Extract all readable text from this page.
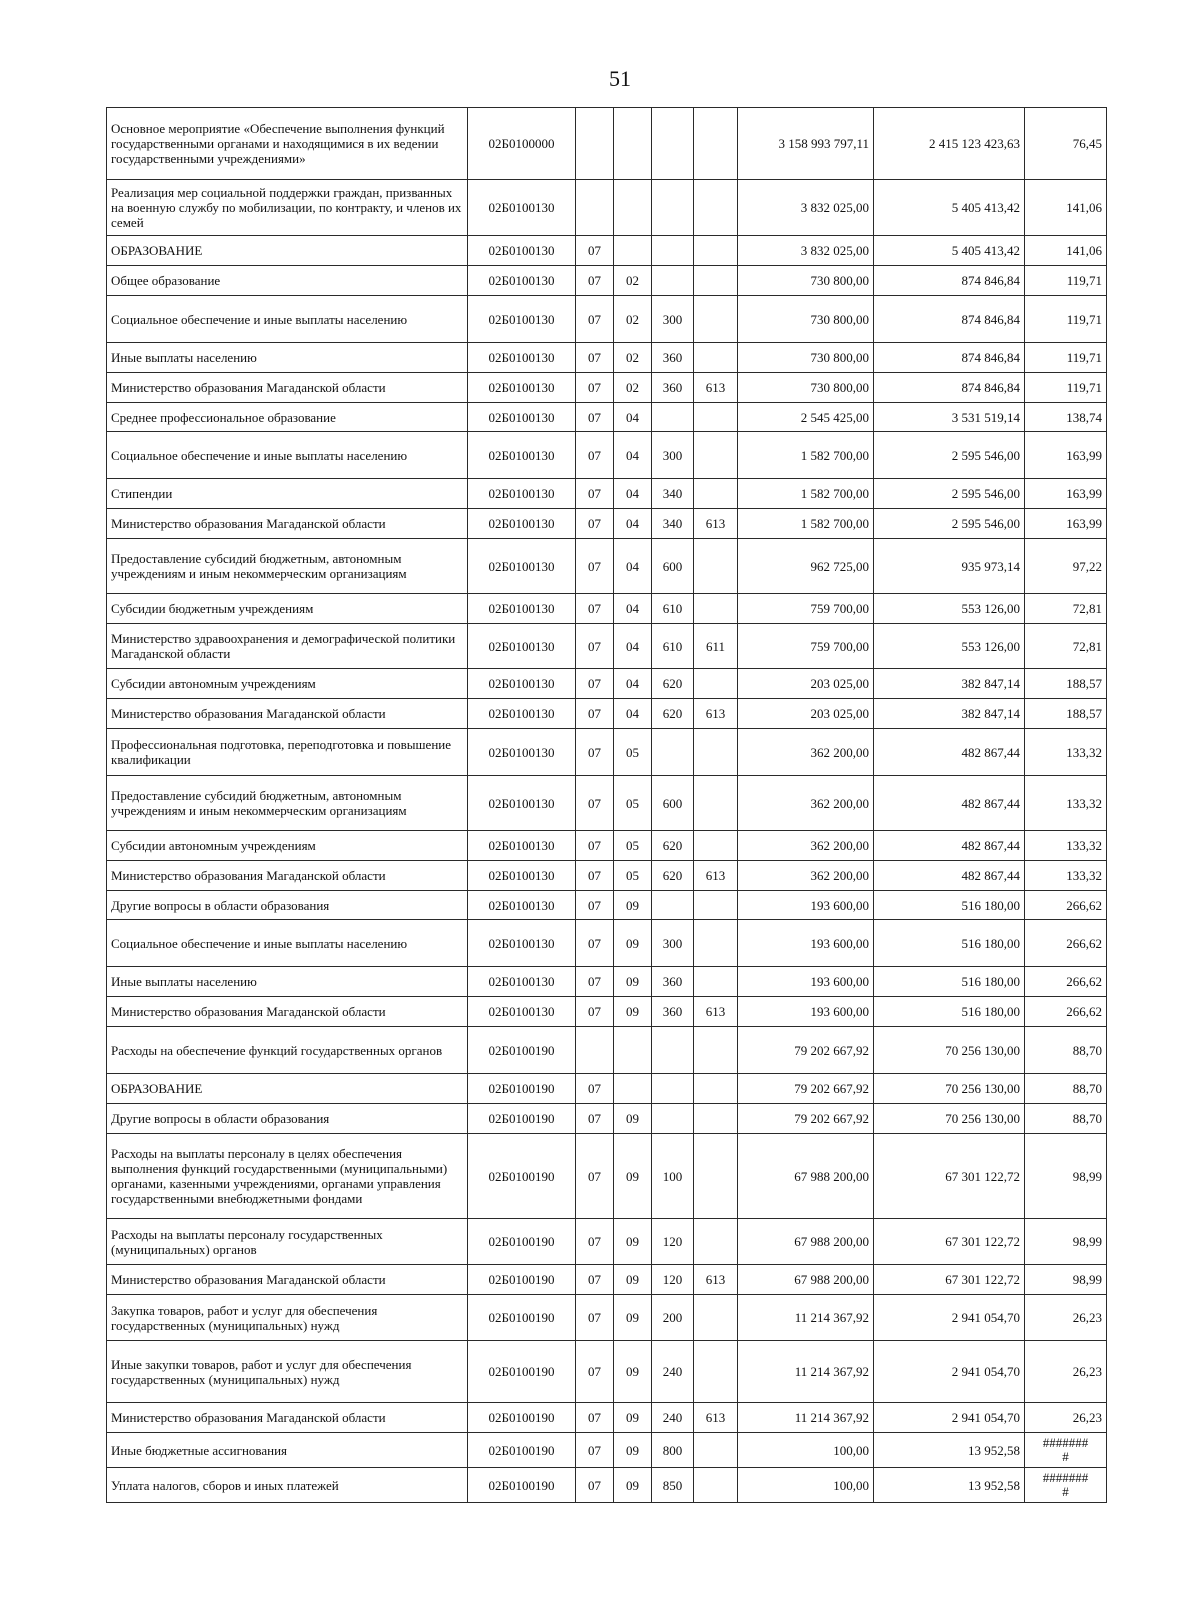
51
Основное мероприятие «Обеспечение выполнения функций государственными органами и находящимися в их ведении государственными учреждениями»	02Б0100000					3 158 993 797,11	2 415 123 423,63	76,45
Реализация мер социальной поддержки граждан, призванных на военную службу по мобилизации, по контракту, и членов их семей	02Б0100130					3 832 025,00	5 405 413,42	141,06
ОБРАЗОВАНИЕ	02Б0100130	07				3 832 025,00	5 405 413,42	141,06
Общее образование	02Б0100130	07	02			730 800,00	874 846,84	119,71
Социальное обеспечение и иные выплаты населению	02Б0100130	07	02	300		730 800,00	874 846,84	119,71
Иные выплаты населению	02Б0100130	07	02	360		730 800,00	874 846,84	119,71
Министерство образования Магаданской области	02Б0100130	07	02	360	613	730 800,00	874 846,84	119,71
Среднее профессиональное образование	02Б0100130	07	04			2 545 425,00	3 531 519,14	138,74
Социальное обеспечение и иные выплаты населению	02Б0100130	07	04	300		1 582 700,00	2 595 546,00	163,99
Стипендии	02Б0100130	07	04	340		1 582 700,00	2 595 546,00	163,99
Министерство образования Магаданской области	02Б0100130	07	04	340	613	1 582 700,00	2 595 546,00	163,99
Предоставление субсидий бюджетным, автономным учреждениям и иным некоммерческим организациям	02Б0100130	07	04	600		962 725,00	935 973,14	97,22
Субсидии бюджетным учреждениям	02Б0100130	07	04	610		759 700,00	553 126,00	72,81
Министерство здравоохранения и демографической политики Магаданской области	02Б0100130	07	04	610	611	759 700,00	553 126,00	72,81
Субсидии автономным учреждениям	02Б0100130	07	04	620		203 025,00	382 847,14	188,57
Министерство образования Магаданской области	02Б0100130	07	04	620	613	203 025,00	382 847,14	188,57
Профессиональная подготовка, переподготовка и повышение квалификации	02Б0100130	07	05			362 200,00	482 867,44	133,32
Предоставление субсидий бюджетным, автономным учреждениям и иным некоммерческим организациям	02Б0100130	07	05	600		362 200,00	482 867,44	133,32
Субсидии автономным учреждениям	02Б0100130	07	05	620		362 200,00	482 867,44	133,32
Министерство образования Магаданской области	02Б0100130	07	05	620	613	362 200,00	482 867,44	133,32
Другие вопросы в области образования	02Б0100130	07	09			193 600,00	516 180,00	266,62
Социальное обеспечение и иные выплаты населению	02Б0100130	07	09	300		193 600,00	516 180,00	266,62
Иные выплаты населению	02Б0100130	07	09	360		193 600,00	516 180,00	266,62
Министерство образования Магаданской области	02Б0100130	07	09	360	613	193 600,00	516 180,00	266,62
Расходы на обеспечение функций государственных органов	02Б0100190					79 202 667,92	70 256 130,00	88,70
ОБРАЗОВАНИЕ	02Б0100190	07				79 202 667,92	70 256 130,00	88,70
Другие вопросы в области образования	02Б0100190	07	09			79 202 667,92	70 256 130,00	88,70
Расходы на выплаты персоналу в целях обеспечения выполнения функций государственными (муниципальными) органами, казенными учреждениями, органами управления государственными внебюджетными фондами	02Б0100190	07	09	100		67 988 200,00	67 301 122,72	98,99
Расходы на выплаты персоналу государственных (муниципальных) органов	02Б0100190	07	09	120		67 988 200,00	67 301 122,72	98,99
Министерство образования Магаданской области	02Б0100190	07	09	120	613	67 988 200,00	67 301 122,72	98,99
Закупка товаров, работ и услуг для обеспечения государственных (муниципальных) нужд	02Б0100190	07	09	200		11 214 367,92	2 941 054,70	26,23
Иные закупки товаров, работ и услуг для обеспечения государственных (муниципальных) нужд	02Б0100190	07	09	240		11 214 367,92	2 941 054,70	26,23
Министерство образования Магаданской области	02Б0100190	07	09	240	613	11 214 367,92	2 941 054,70	26,23
Иные бюджетные ассигнования	02Б0100190	07	09	800		100,00	13 952,58	#######
#
Уплата налогов, сборов и иных платежей	02Б0100190	07	09	850		100,00	13 952,58	#######
#
